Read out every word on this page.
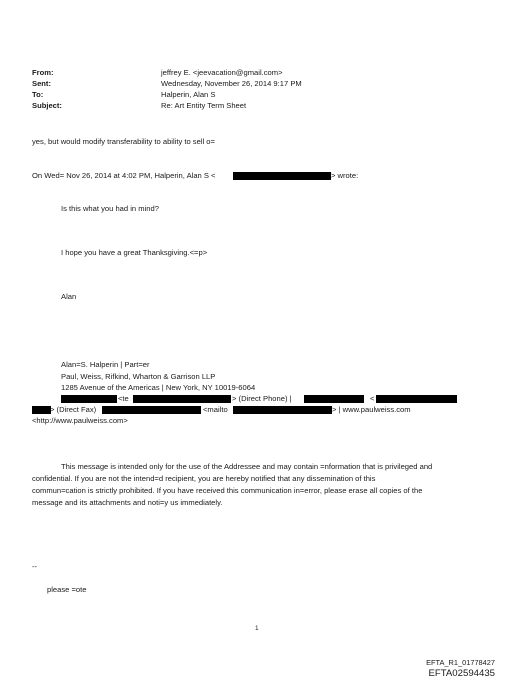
From:	jeffrey E. <jeevacation@gmail.com>
Sent:	Wednesday, November 26, 2014 9:17 PM
To:	Halperin, Alan S
Subject:	Re: Art Entity Term Sheet
yes, but would modify transferability to ability to sell o=
On Wed= Nov 26, 2014 at 4:02 PM, Halperin, Alan S <	> wrote:
Is this what you had in mind?
I hope you have a great Thanksgiving.<=p>
Alan
Alan=S. Halperin | Part=er
Paul, Weiss, Rifkind, Wharton & Garrison LLP
1285 Avenue of the Americas | New York, NY 10019-6064
<te	> (Direct Phone) |	<
> (Direct Fax)	<mailto	> | www.paulweiss.com
<http://www.paulweiss.com>
This message is intended only for the use of the Addressee and may contain =nformation that is privileged and
confidential. If you are not the intend=d recipient, you are hereby notified that any dissemination of this
commun=cation is strictly prohibited. If you have received this communication in=error, please erase all copies of the
message and its attachments and noti=y us immediately.
--
please =ote
1
EFTA_R1_01778427
EFTA02594435
